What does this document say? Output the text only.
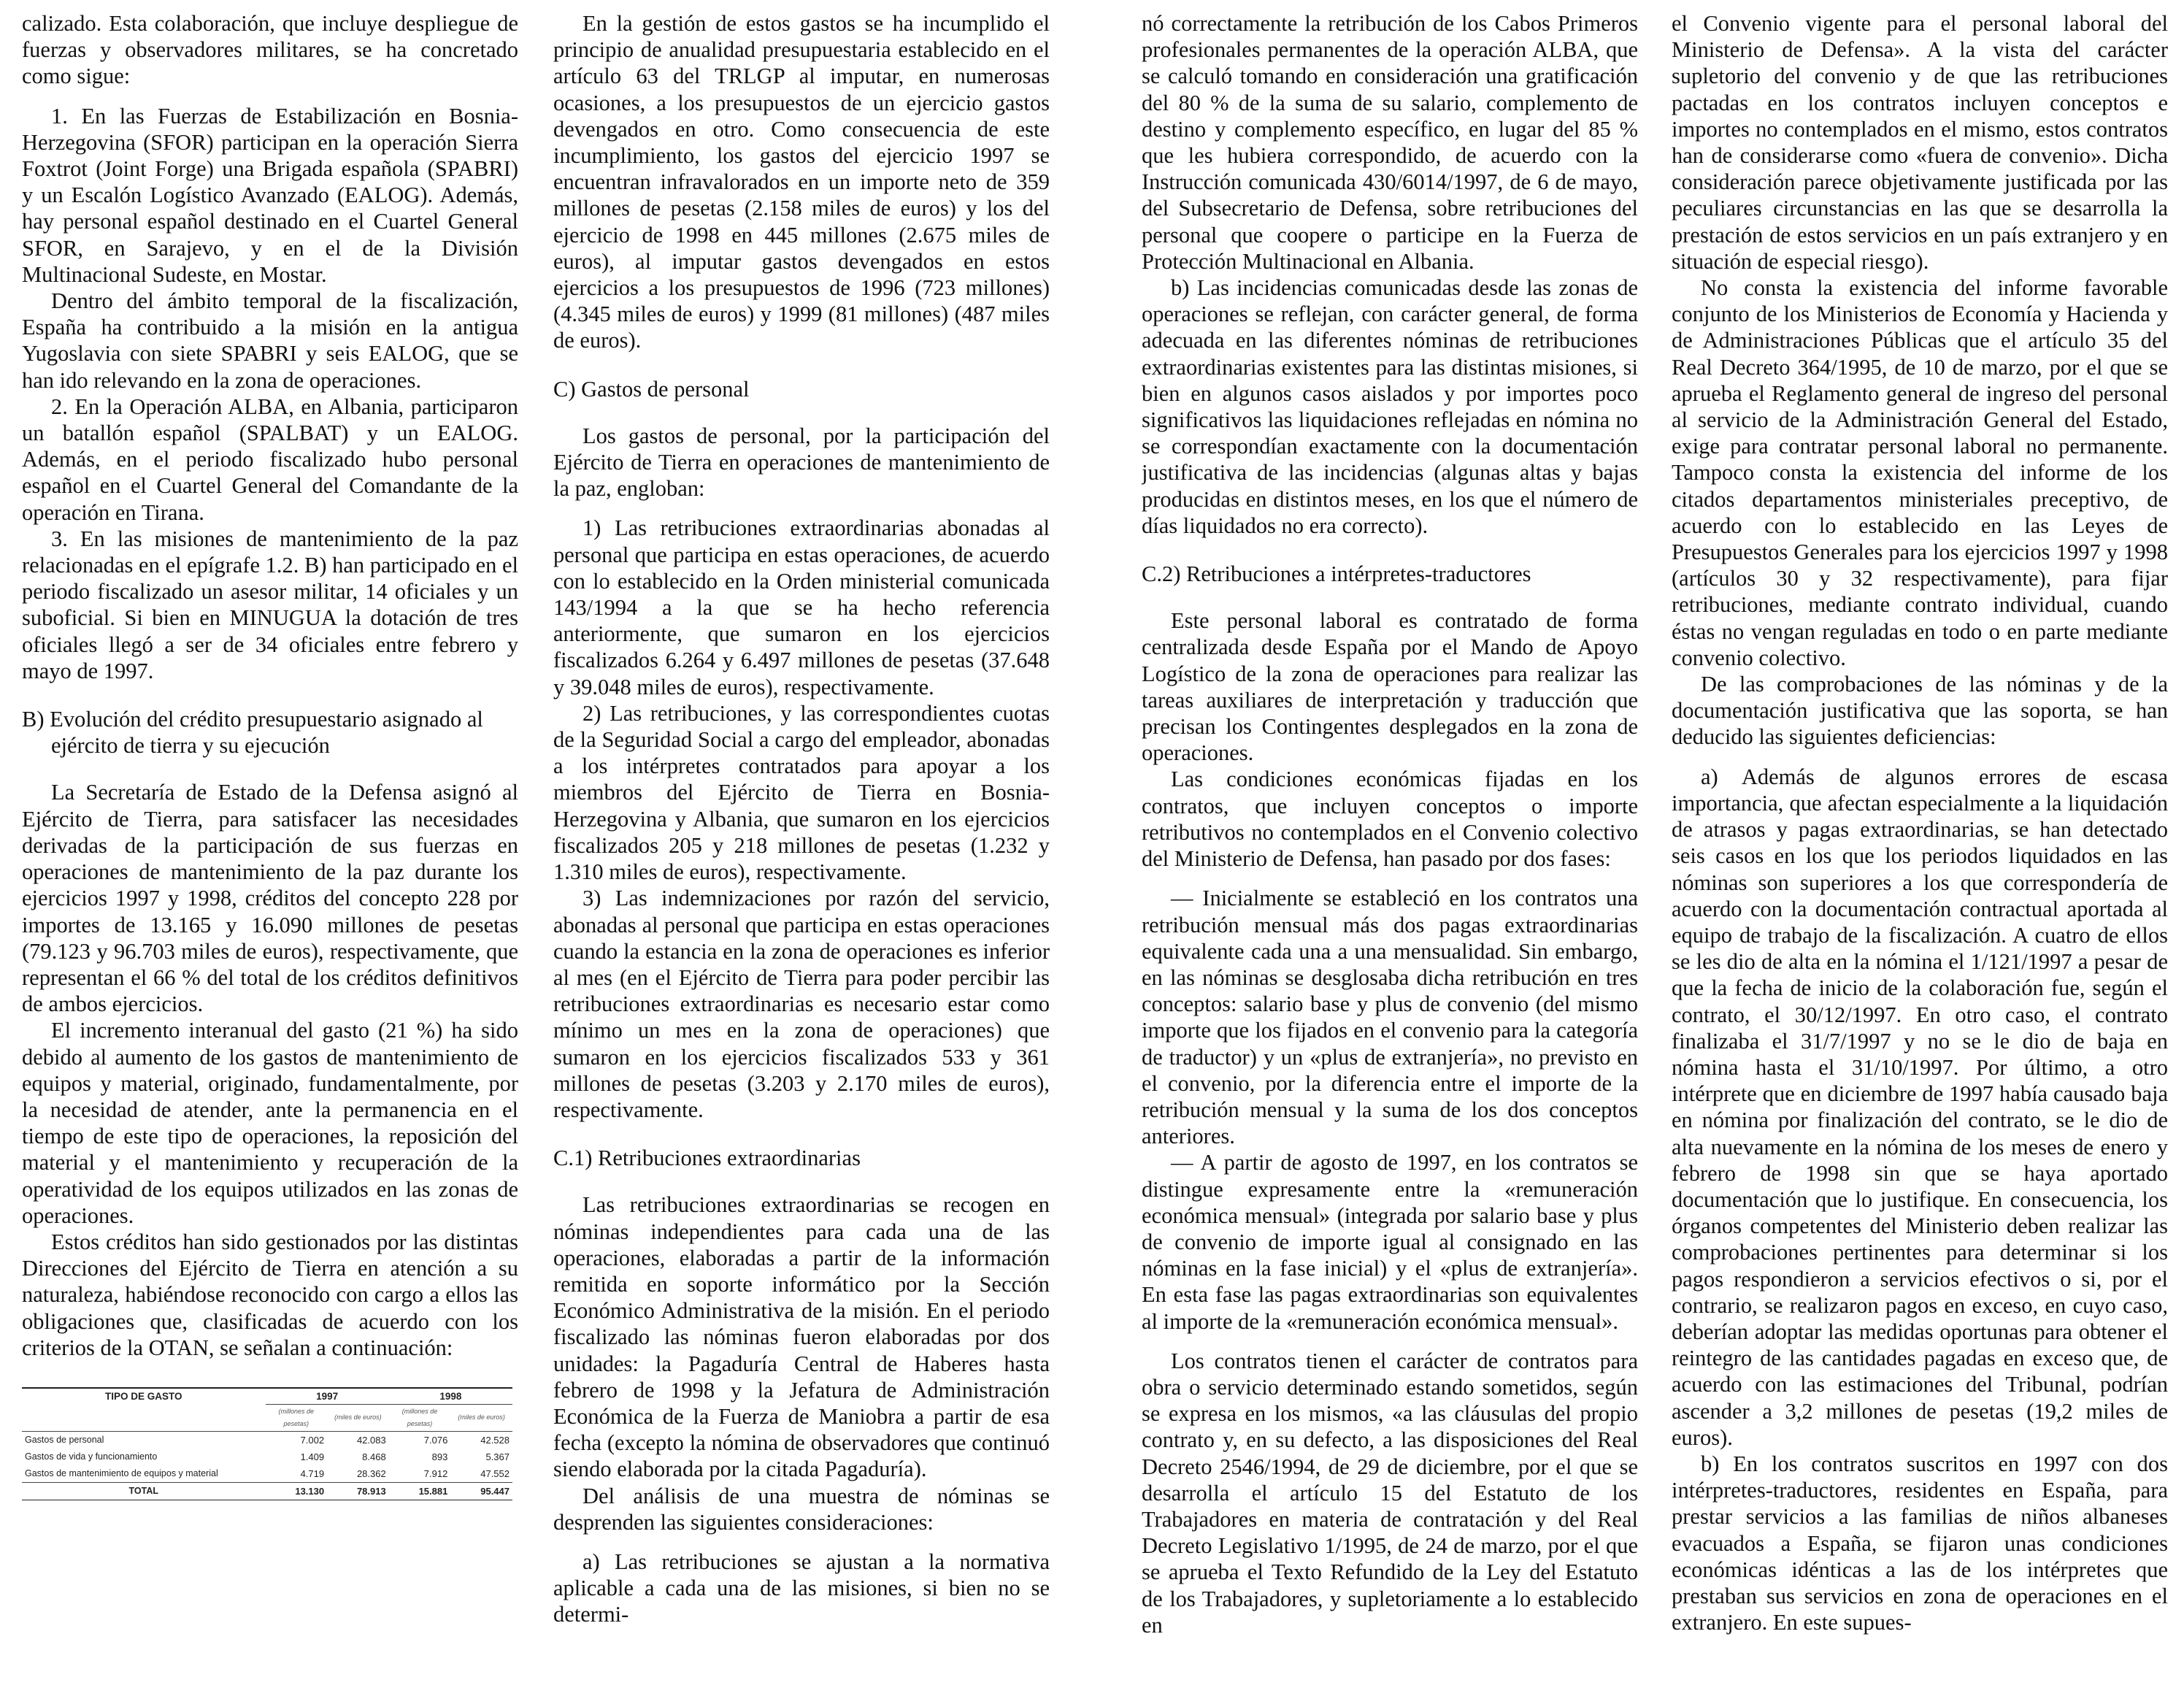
calizado. Esta colaboración, que incluye despliegue de fuerzas y observadores militares, se ha concretado como sigue:

1. En las Fuerzas de Estabilización en Bosnia-Herzegovina (SFOR) participan en la operación Sierra Foxtrot (Joint Forge) una Brigada española (SPABRI) y un Escalón Logístico Avanzado (EALOG). Además, hay personal español destinado en el Cuartel General SFOR, en Sarajevo, y en el de la División Multinacional Sudeste, en Mostar.

Dentro del ámbito temporal de la fiscalización, España ha contribuido a la misión en la antigua Yugoslavia con siete SPABRI y seis EALOG, que se han ido relevando en la zona de operaciones.

2. En la Operación ALBA, en Albania, participaron un batallón español (SPALBAT) y un EALOG. Además, en el periodo fiscalizado hubo personal español en el Cuartel General del Comandante de la operación en Tirana.

3. En las misiones de mantenimiento de la paz relacionadas en el epígrafe 1.2. B) han participado en el periodo fiscalizado un asesor militar, 14 oficiales y un suboficial. Si bien en MINUGUA la dotación de tres oficiales llegó a ser de 34 oficiales entre febrero y mayo de 1997.

B) Evolución del crédito presupuestario asignado al ejército de tierra y su ejecución

La Secretaría de Estado de la Defensa asignó al Ejército de Tierra, para satisfacer las necesidades derivadas de la participación de sus fuerzas en operaciones de mantenimiento de la paz durante los ejercicios 1997 y 1998, créditos del concepto 228 por importes de 13.165 y 16.090 millones de pesetas (79.123 y 96.703 miles de euros), respectivamente, que representan el 66 % del total de los créditos definitivos de ambos ejercicios.

El incremento interanual del gasto (21 %) ha sido debido al aumento de los gastos de mantenimiento de equipos y material, originado, fundamentalmente, por la necesidad de atender, ante la permanencia en el tiempo de este tipo de operaciones, la reposición del material y el mantenimiento y recuperación de la operatividad de los equipos utilizados en las zonas de operaciones.

Estos créditos han sido gestionados por las distintas Direcciones del Ejército de Tierra en atención a su naturaleza, habiéndose reconocido con cargo a ellos las obligaciones que, clasificadas de acuerdo con los criterios de la OTAN, se señalan a continuación:

TIPO DE GASTO	1997		1998	
	(millones de pesetas)	(miles de euros)	(millones de pesetas)	(miles de euros)
Gastos de personal	7.002	42.083	7.076	42.528
Gastos de vida y funcionamiento	1.409	8.468	893	5.367
Gastos de mantenimiento de equipos y material	4.719	28.362	7.912	47.552
TOTAL	13.130	78.913	15.881	95.447

En la gestión de estos gastos se ha incumplido el principio de anualidad presupuestaria establecido en el artículo 63 del TRLGP al imputar, en numerosas ocasiones, a los presupuestos de un ejercicio gastos devengados en otro. Como consecuencia de este incumplimiento, los gastos del ejercicio 1997 se encuentran infravalorados en un importe neto de 359 millones de pesetas (2.158 miles de euros) y los del ejercicio de 1998 en 445 millones (2.675 miles de euros), al imputar gastos devengados en estos ejercicios a los presupuestos de 1996 (723 millones) (4.345 miles de euros) y 1999 (81 millones) (487 miles de euros).

C) Gastos de personal

Los gastos de personal, por la participación del Ejército de Tierra en operaciones de mantenimiento de la paz, engloban:

1) Las retribuciones extraordinarias abonadas al personal que participa en estas operaciones, de acuerdo con lo establecido en la Orden ministerial comunicada 143/1994 a la que se ha hecho referencia anteriormente, que sumaron en los ejercicios fiscalizados 6.264 y 6.497 millones de pesetas (37.648 y 39.048 miles de euros), respectivamente.

2) Las retribuciones, y las correspondientes cuotas de la Seguridad Social a cargo del empleador, abonadas a los intérpretes contratados para apoyar a los miembros del Ejército de Tierra en Bosnia-Herzegovina y Albania, que sumaron en los ejercicios fiscalizados 205 y 218 millones de pesetas (1.232 y 1.310 miles de euros), respectivamente.

3) Las indemnizaciones por razón del servicio, abonadas al personal que participa en estas operaciones cuando la estancia en la zona de operaciones es inferior al mes (en el Ejército de Tierra para poder percibir las retribuciones extraordinarias es necesario estar como mínimo un mes en la zona de operaciones) que sumaron en los ejercicios fiscalizados 533 y 361 millones de pesetas (3.203 y 2.170 miles de euros), respectivamente.

C.1) Retribuciones extraordinarias

Las retribuciones extraordinarias se recogen en nóminas independientes para cada una de las operaciones, elaboradas a partir de la información remitida en soporte informático por la Sección Económico Administrativa de la misión. En el periodo fiscalizado las nóminas fueron elaboradas por dos unidades: la Pagaduría Central de Haberes hasta febrero de 1998 y la Jefatura de Administración Económica de la Fuerza de Maniobra a partir de esa fecha (excepto la nómina de observadores que continuó siendo elaborada por la citada Pagaduría).

Del análisis de una muestra de nóminas se desprenden las siguientes consideraciones:

a) Las retribuciones se ajustan a la normativa aplicable a cada una de las misiones, si bien no se determi-

nó correctamente la retribución de los Cabos Primeros profesionales permanentes de la operación ALBA, que se calculó tomando en consideración una gratificación del 80 % de la suma de su salario, complemento de destino y complemento específico, en lugar del 85 % que les hubiera correspondido, de acuerdo con la Instrucción comunicada 430/6014/1997, de 6 de mayo, del Subsecretario de Defensa, sobre retribuciones del personal que coopere o participe en la Fuerza de Protección Multinacional en Albania.

b) Las incidencias comunicadas desde las zonas de operaciones se reflejan, con carácter general, de forma adecuada en las diferentes nóminas de retribuciones extraordinarias existentes para las distintas misiones, si bien en algunos casos aislados y por importes poco significativos las liquidaciones reflejadas en nómina no se correspondían exactamente con la documentación justificativa de las incidencias (algunas altas y bajas producidas en distintos meses, en los que el número de días liquidados no era correcto).

C.2) Retribuciones a intérpretes-traductores

Este personal laboral es contratado de forma centralizada desde España por el Mando de Apoyo Logístico de la zona de operaciones para realizar las tareas auxiliares de interpretación y traducción que precisan los Contingentes desplegados en la zona de operaciones.

Las condiciones económicas fijadas en los contratos, que incluyen conceptos o importe retributivos no contemplados en el Convenio colectivo del Ministerio de Defensa, han pasado por dos fases:

— Inicialmente se estableció en los contratos una retribución mensual más dos pagas extraordinarias equivalente cada una a una mensualidad. Sin embargo, en las nóminas se desglosaba dicha retribución en tres conceptos: salario base y plus de convenio (del mismo importe que los fijados en el convenio para la categoría de traductor) y un «plus de extranjería», no previsto en el convenio, por la diferencia entre el importe de la retribución mensual y la suma de los dos conceptos anteriores.

— A partir de agosto de 1997, en los contratos se distingue expresamente entre la «remuneración económica mensual» (integrada por salario base y plus de convenio de importe igual al consignado en las nóminas en la fase inicial) y el «plus de extranjería». En esta fase las pagas extraordinarias son equivalentes al importe de la «remuneración económica mensual».

Los contratos tienen el carácter de contratos para obra o servicio determinado estando sometidos, según se expresa en los mismos, «a las cláusulas del propio contrato y, en su defecto, a las disposiciones del Real Decreto 2546/1994, de 29 de diciembre, por el que se desarrolla el artículo 15 del Estatuto de los Trabajadores en materia de contratación y del Real Decreto Legislativo 1/1995, de 24 de marzo, por el que se aprueba el Texto Refundido de la Ley del Estatuto de los Trabajadores, y supletoriamente a lo establecido en

el Convenio vigente para el personal laboral del Ministerio de Defensa». A la vista del carácter supletorio del convenio y de que las retribuciones pactadas en los contratos incluyen conceptos e importes no contemplados en el mismo, estos contratos han de considerarse como «fuera de convenio». Dicha consideración parece objetivamente justificada por las peculiares circunstancias en las que se desarrolla la prestación de estos servicios en un país extranjero y en situación de especial riesgo).

No consta la existencia del informe favorable conjunto de los Ministerios de Economía y Hacienda y de Administraciones Públicas que el artículo 35 del Real Decreto 364/1995, de 10 de marzo, por el que se aprueba el Reglamento general de ingreso del personal al servicio de la Administración General del Estado, exige para contratar personal laboral no permanente. Tampoco consta la existencia del informe de los citados departamentos ministeriales preceptivo, de acuerdo con lo establecido en las Leyes de Presupuestos Generales para los ejercicios 1997 y 1998 (artículos 30 y 32 respectivamente), para fijar retribuciones, mediante contrato individual, cuando éstas no vengan reguladas en todo o en parte mediante convenio colectivo.

De las comprobaciones de las nóminas y de la documentación justificativa que las soporta, se han deducido las siguientes deficiencias:

a) Además de algunos errores de escasa importancia, que afectan especialmente a la liquidación de atrasos y pagas extraordinarias, se han detectado seis casos en los que los periodos liquidados en las nóminas son superiores a los que correspondería de acuerdo con la documentación contractual aportada al equipo de trabajo de la fiscalización. A cuatro de ellos se les dio de alta en la nómina el 1/121/1997 a pesar de que la fecha de inicio de la colaboración fue, según el contrato, el 30/12/1997. En otro caso, el contrato finalizaba el 31/7/1997 y no se le dio de baja en nómina hasta el 31/10/1997. Por último, a otro intérprete que en diciembre de 1997 había causado baja en nómina por finalización del contrato, se le dio de alta nuevamente en la nómina de los meses de enero y febrero de 1998 sin que se haya aportado documentación que lo justifique. En consecuencia, los órganos competentes del Ministerio deben realizar las comprobaciones pertinentes para determinar si los pagos respondieron a servicios efectivos o si, por el contrario, se realizaron pagos en exceso, en cuyo caso, deberían adoptar las medidas oportunas para obtener el reintegro de las cantidades pagadas en exceso que, de acuerdo con las estimaciones del Tribunal, podrían ascender a 3,2 millones de pesetas (19,2 miles de euros).

b) En los contratos suscritos en 1997 con dos intérpretes-traductores, residentes en España, para prestar servicios a las familias de niños albaneses evacuados a España, se fijaron unas condiciones económicas idénticas a las de los intérpretes que prestaban sus servicios en zona de operaciones en el extranjero. En este supues-
